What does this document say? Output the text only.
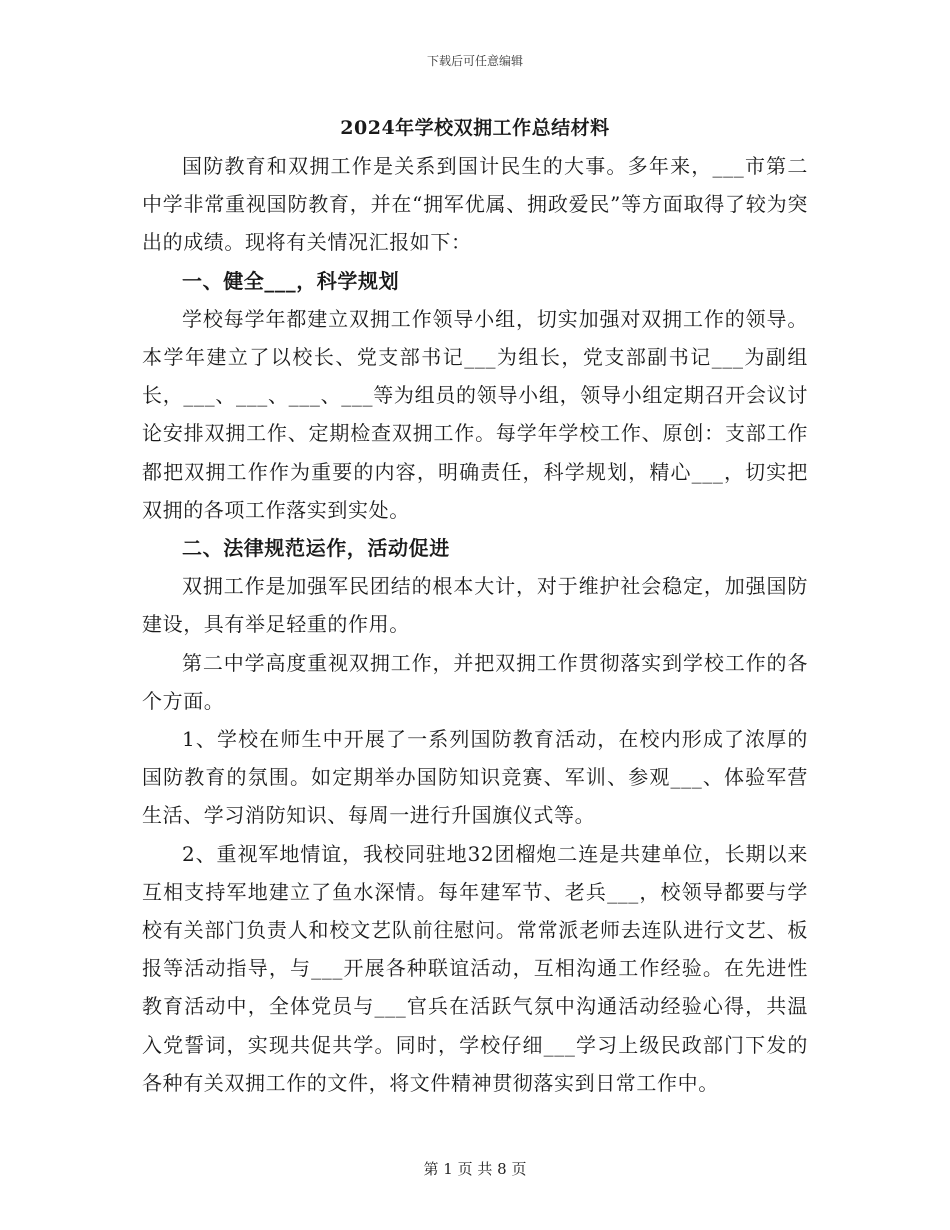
下载后可任意编辑
2024年学校双拥工作总结材料

国防教育和双拥工作是关系到国计民生的大事。多年来，___市第二中学非常重视国防教育，并在“拥军优属、拥政爱民”等方面取得了较为突出的成绩。现将有关情况汇报如下：

一、健全___，科学规划

学校每学年都建立双拥工作领导小组，切实加强对双拥工作的领导。本学年建立了以校长、党支部书记___为组长，党支部副书记___为副组长，___、___、___、___等为组员的领导小组，领导小组定期召开会议讨论安排双拥工作、定期检查双拥工作。每学年学校工作、原创：支部工作都把双拥工作作为重要的内容，明确责任，科学规划，精心___，切实把双拥的各项工作落实到实处。

二、法律规范运作，活动促进

双拥工作是加强军民团结的根本大计，对于维护社会稳定，加强国防建设，具有举足轻重的作用。

第二中学高度重视双拥工作，并把双拥工作贯彻落实到学校工作的各个方面。

1、学校在师生中开展了一系列国防教育活动，在校内形成了浓厚的国防教育的氛围。如定期举办国防知识竞赛、军训、参观___、体验军营生活、学习消防知识、每周一进行升国旗仪式等。

2、重视军地情谊，我校同驻地32团榴炮二连是共建单位，长期以来互相支持军地建立了鱼水深情。每年建军节、老兵___，校领导都要与学校有关部门负责人和校文艺队前往慰问。常常派老师去连队进行文艺、板报等活动指导，与___开展各种联谊活动，互相沟通工作经验。在先进性教育活动中，全体党员与___官兵在活跃气氛中沟通活动经验心得，共温入党誓词，实现共促共学。同时，学校仔细___学习上级民政部门下发的各种有关双拥工作的文件，将文件精神贯彻落实到日常工作中。

第 1 页 共 8 页
